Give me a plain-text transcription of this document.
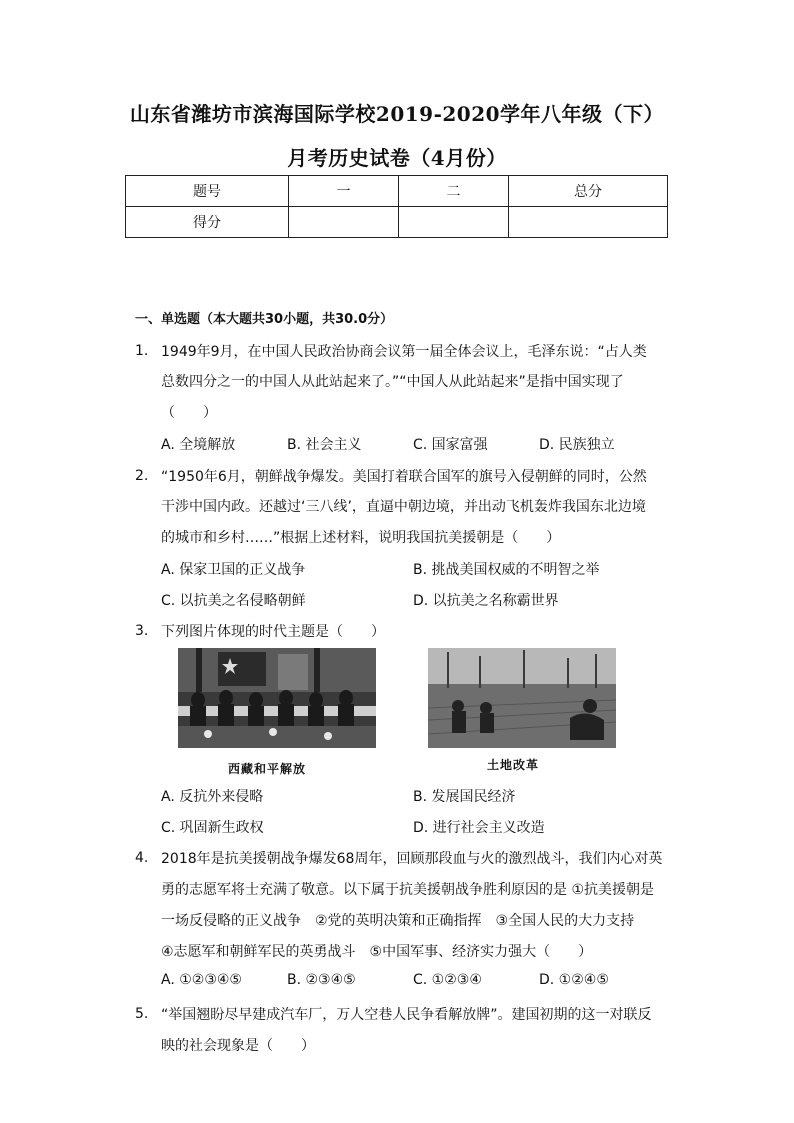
山东省潍坊市滨海国际学校2019-2020学年八年级（下）
月考历史试卷（4月份）
题号	一	二	总分
得分			
一、单选题（本大题共30小题，共30.0分）
1. 1949年9月，在中国人民政治协商会议第一届全体会议上，毛泽东说：“占人类
总数四分之一的中国人从此站起来了。”“中国人从此站起来”是指中国实现了
（　　）
A. 全境解放	B. 社会主义	C. 国家富强	D. 民族独立
2. “1950年6月，朝鲜战争爆发。美国打着联合国军的旗号入侵朝鲜的同时，公然
干涉中国内政。还越过‘三八线’，直逼中朝边境，并出动飞机轰炸我国东北边境
的城市和乡村……”根据上述材料，说明我国抗美援朝是（　　）
A. 保家卫国的正义战争	B. 挑战美国权威的不明智之举
C. 以抗美之名侵略朝鲜	D. 以抗美之名称霸世界
3. 下列图片体现的时代主题是（　　）
西藏和平解放	土地改革
A. 反抗外来侵略	B. 发展国民经济
C. 巩固新生政权	D. 进行社会主义改造
4. 2018年是抗美援朝战争爆发68周年，回顾那段血与火的激烈战斗，我们内心对英
勇的志愿军将士充满了敬意。以下属于抗美援朝战争胜利原因的是 ①抗美援朝是
一场反侵略的正义战争　②党的英明决策和正确指挥　③全国人民的大力支持
④志愿军和朝鲜军民的英勇战斗　⑤中国军事、经济实力强大（　　）
A. ①②③④⑤	B. ②③④⑤	C. ①②③④	D. ①②④⑤
5. “举国翘盼尽早建成汽车厂，万人空巷人民争看解放牌”。建国初期的这一对联反
映的社会现象是（　　）
